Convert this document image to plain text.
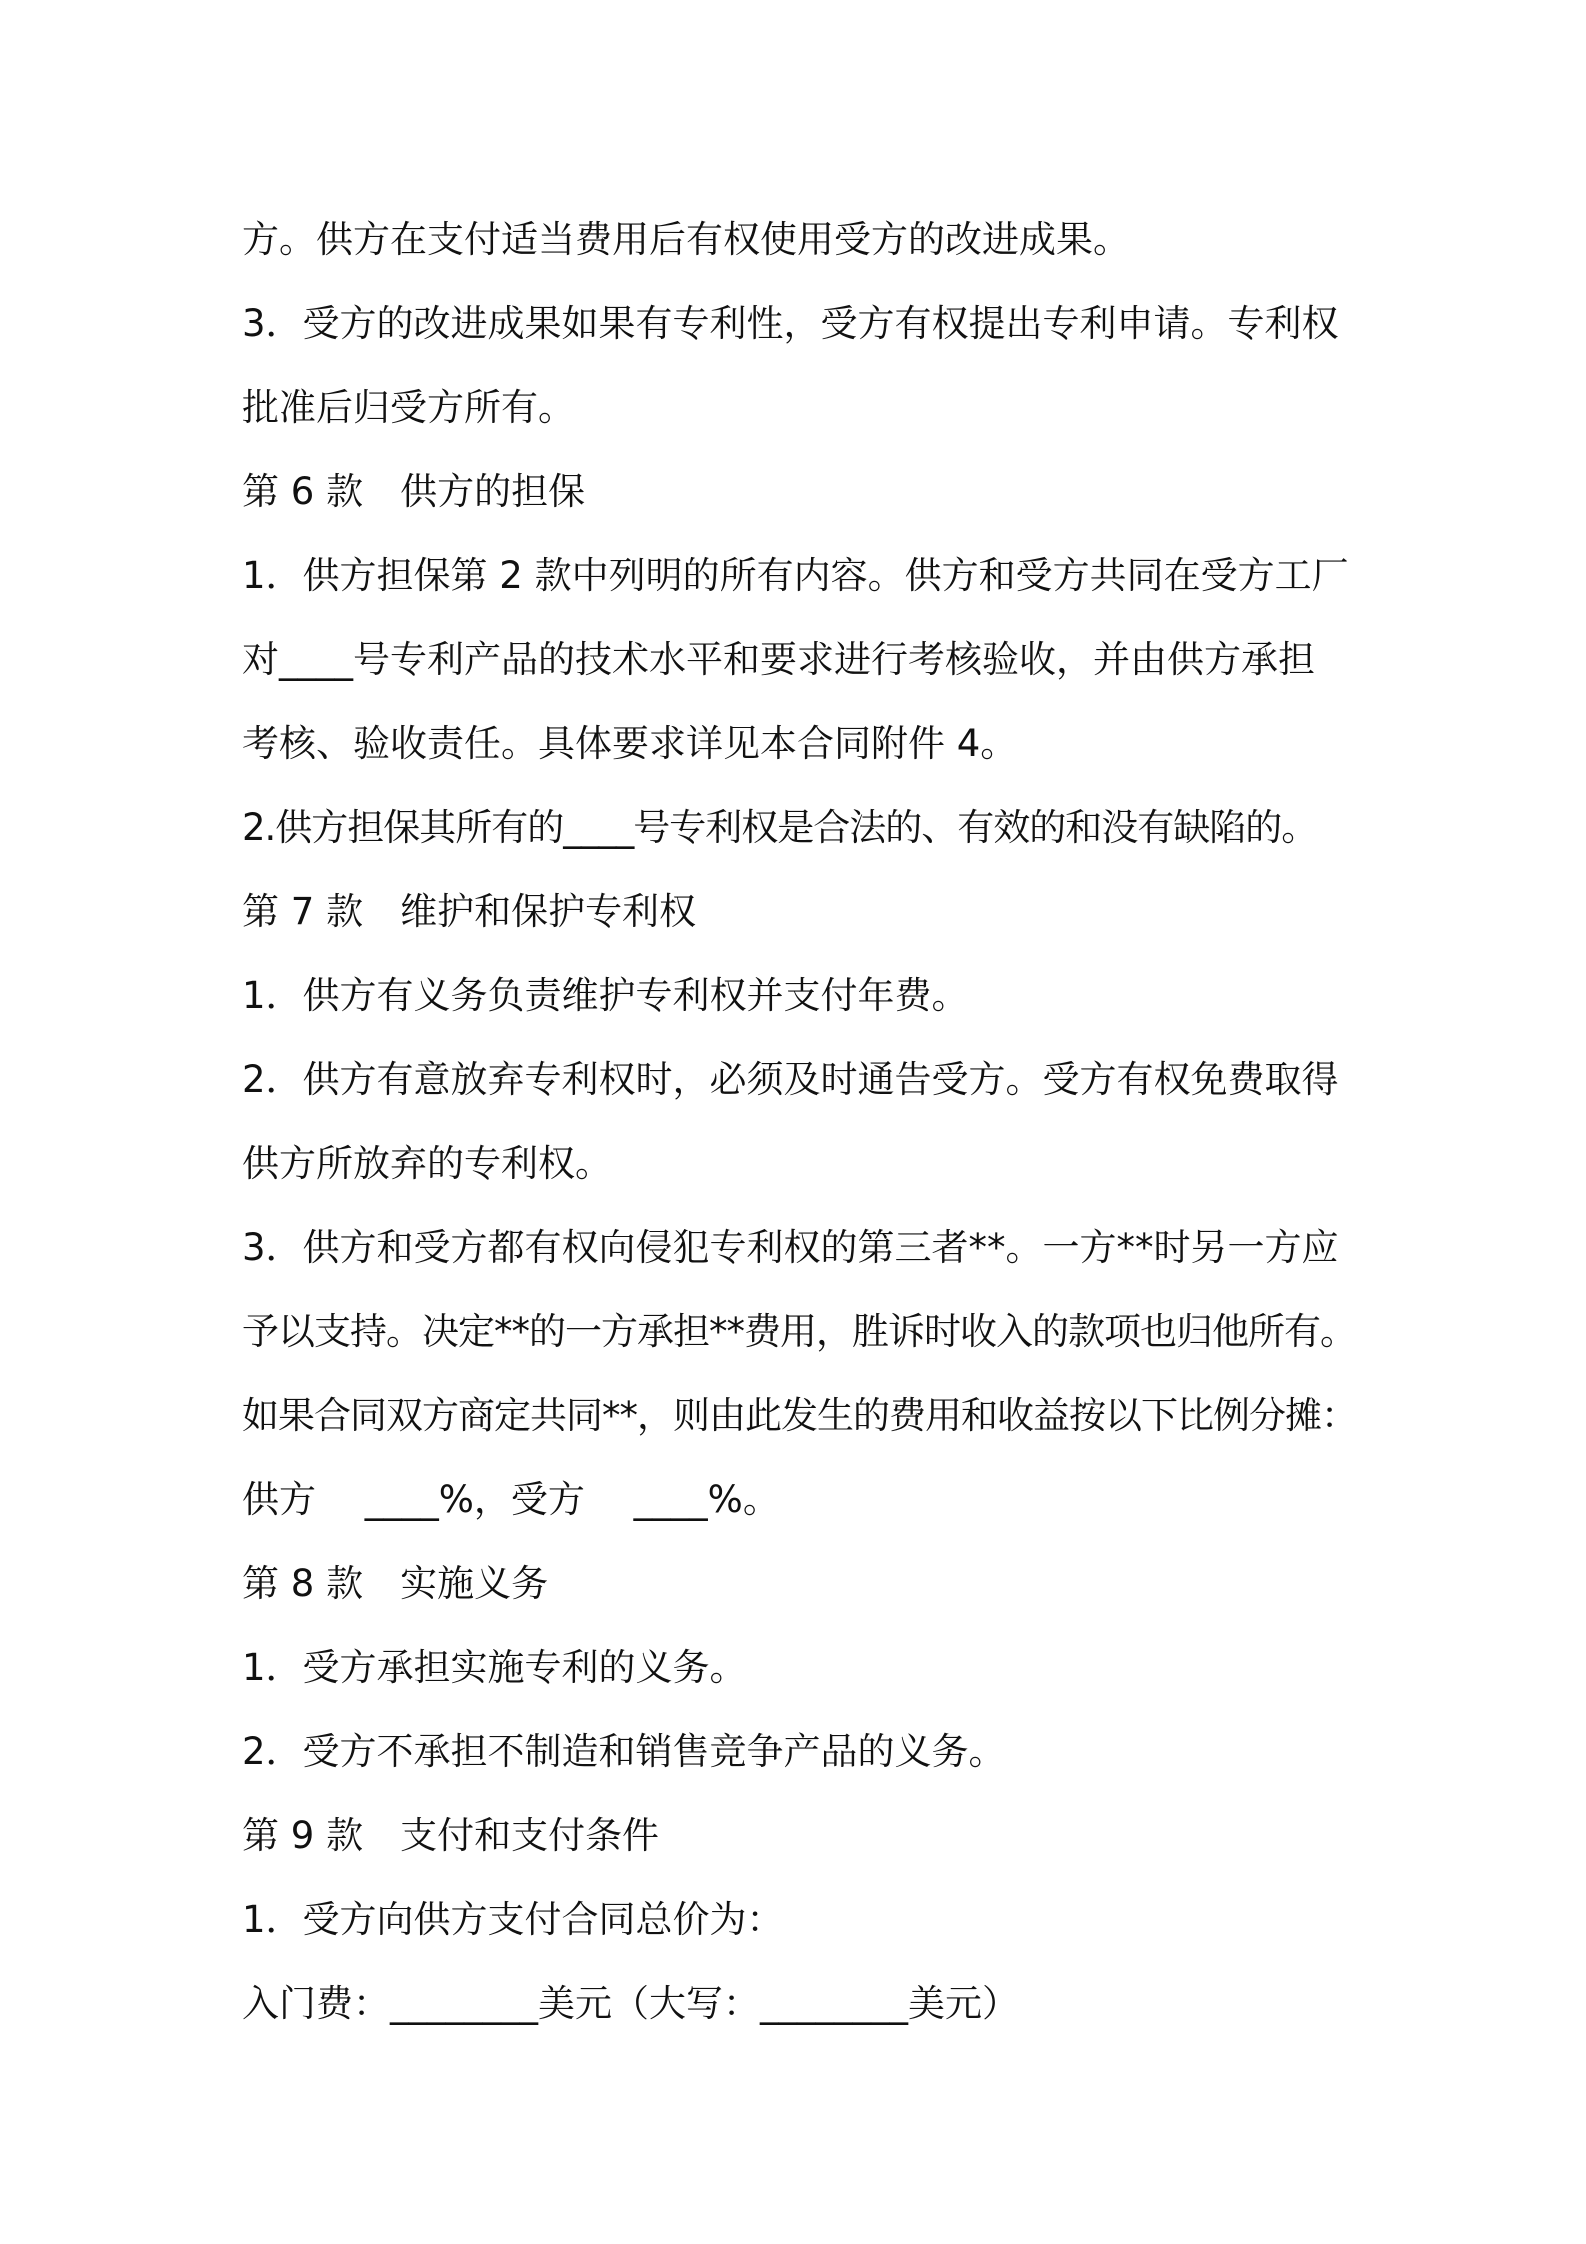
方。供方在支付适当费用后有权使用受方的改进成果。
3．受方的改进成果如果有专利性，受方有权提出专利申请。专利权
批准后归受方所有。
第 6 款　供方的担保
1．供方担保第 2 款中列明的所有内容。供方和受方共同在受方工厂
对____号专利产品的技术水平和要求进行考核验收，并由供方承担
考核、验收责任。具体要求详见本合同附件 4。
2.供方担保其所有的____号专利权是合法的、有效的和没有缺陷的。
第 7 款　维护和保护专利权
1．供方有义务负责维护专利权并支付年费。
2．供方有意放弃专利权时，必须及时通告受方。受方有权免费取得
供方所放弃的专利权。
3．供方和受方都有权向侵犯专利权的第三者**。一方**时另一方应
予以支持。决定**的一方承担**费用，胜诉时收入的款项也归他所有。
如果合同双方商定共同**，则由此发生的费用和收益按以下比例分摊：
供方　 ____%，受方　 ____%。
第 8 款　实施义务
1．受方承担实施专利的义务。
2．受方不承担不制造和销售竞争产品的义务。
第 9 款　支付和支付条件
1．受方向供方支付合同总价为：
入门费：________美元（大写：________美元）
